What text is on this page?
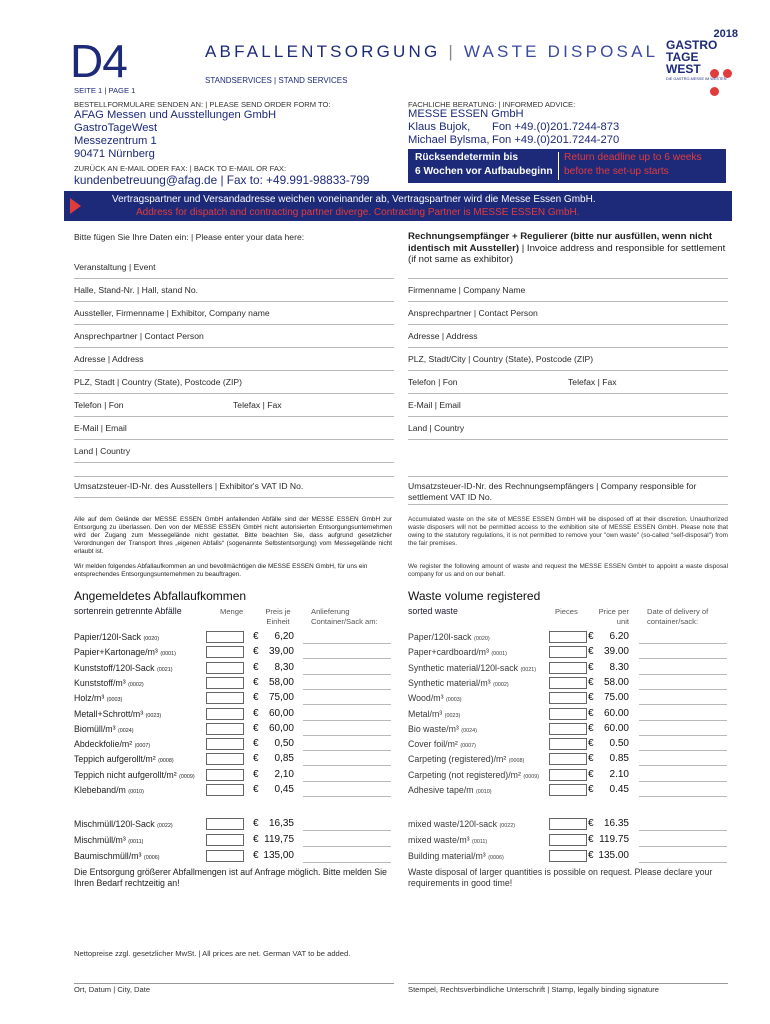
D4	ABFALLENTSORGUNG | WASTE DISPOSAL
STANDSERVICES | STAND SERVICES
SEITE 1 | PAGE 1
2018
GASTRO
TAGE
WEST

DIE GASTRO-MESSE IM WESTEN
BESTELLFORMULARE SENDEN AN: | PLEASE SEND ORDER FORM TO:
AFAG Messen und Ausstellungen GmbH
GastroTageWest
Messezentrum 1
90471 Nürnberg
ZURÜCK AN E-MAIL ODER FAX: | BACK TO E-MAIL OR FAX:
kundenbetreuung@afag.de | Fax to: +49.991-98833-799
FACHLICHE BERATUNG: | INFORMED ADVICE:
MESSE ESSEN GmbH
Klaus Bujok, Fon +49.(0)201.7244-873
Michael Bylsma, Fon +49.(0)201.7244-270
Rücksendetermin bis
6 Wochen vor Aufbaubeginn
Return deadline up to 6 weeks
before the set-up starts
Vertragspartner und Versandadresse weichen voneinander ab, Vertragspartner wird die Messe Essen GmbH.
Address for dispatch and contracting partner diverge. Contracting Partner is MESSE ESSEN GmbH.
Bitte fügen Sie Ihre Daten ein: | Please enter your data here:	Rechnungsempfänger + Regulierer (bitte nur ausfüllen, wenn nicht identisch mit Aussteller) | Invoice address and responsible for settlement (if not same as exhibitor)
Veranstaltung | Event
Halle, Stand-Nr. | Hall, stand No.
Aussteller, Firmenname | Exhibitor, Company name
Ansprechpartner | Contact Person
Adresse | Address
PLZ, Stadt | Country (State), Postcode (ZIP)
Telefon | Fon	Telefax | Fax
E-Mail | Email
Land | Country
Umsatzsteuer-ID-Nr. des Ausstellers | Exhibitor's VAT ID No.
Firmenname | Company Name
Ansprechpartner | Contact Person
Adresse | Address
PLZ, Stadt/City | Country (State), Postcode (ZIP)
Telefon | Fon	Telefax | Fax
E-Mail | Email
Land | Country
Umsatzsteuer-ID-Nr. des Rechnungsempfängers | Company responsible for
settlement VAT ID No.
Alle auf dem Gelände der MESSE ESSEN GmbH anfallenden Abfälle sind der MESSE ESSEN GmbH zur Entsorgung zu überlassen. Den von der MESSE ESSEN GmbH nicht autorisierten Entsorgungsunternehmen wird der Zugang zum Messegelände nicht gestattet. Bitte beachten Sie, dass aufgrund gesetzlicher Verordnungen der Transport Ihres „eigenen Abfalls“ (sogenannte Selbstentsorgung) vom Messegelände nicht erlaubt ist.
Wir melden folgendes Abfallaufkommen an und bevollmächtigen die MESSE ESSEN GmbH, für uns ein entsprechendes Entsorgungsunternehmen zu beauftragen.
Accumulated waste on the site of MESSE ESSEN GmbH will be disposed off at their discretion. Unauthorized waste disposers will not be permitted access to the exhibition site of MESSE ESSEN GmbH. Please note that owing to the statutory regulations, it is not permitted to remove your "own waste" (so-called "self-disposal") from the fair premises.
We register the following amount of waste and request the MESSE ESSEN GmbH to appoint a waste disposal company for us and on our behalf.
Angemeldetes Abfallaufkommen	Waste volume registered
sortenrein getrennte Abfälle	Menge	Preis je Einheit
Anlieferung Container/Sack am:
sorted waste	Pieces	Price per unit
Date of delivery of container/sack:
Papier/120l-Sack (0020)	€	6,20
Papier+Kartonage/m³ (0001)	€	39,00
Kunststoff/120l-Sack (0021)	€	8,30
Kunststoff/m³ (0002)	€	58,00
Holz/m³ (0003)	€	75,00
Metall+Schrott/m³ (0023)	€	60,00
Biomüll/m³ (0024)	€	60,00
Abdeckfolie/m² (0007)	€	0,50
Teppich aufgerollt/m² (0008)	€	0,85
Teppich nicht aufgerollt/m² (0009)	€	2,10
Klebeband/m (0010)	€	0,45
Paper/120l-sack (0020)	€	6.20
Paper+cardboard/m³ (0001)	€	39.00
Synthetic material/120l-sack (0021)	€	8.30
Synthetic material/m³ (0002)	€	58.00
Wood/m³ (0003)	€	75.00
Metal/m³ (0023)	€	60.00
Bio waste/m³ (0024)	€	60.00
Cover foil/m² (0007)	€	0.50
Carpeting (registered)/m² (0008)	€	0.85
Carpeting (not registered)/m² (0009)	€	2.10
Adhesive tape/m (0010)	€	0.45
Mischmüll/120l-Sack (0022)	€	16,35
Mischmüll/m³ (0011)	€ 119,75
Baumischmüll/m³ (0006)	€ 135,00
mixed waste/120l-sack (0022)	€	16.35
mixed waste/m³ (0011)	€ 119.75
Building material/m³ (0006)	€ 135.00
Die Entsorgung größerer Abfallmengen ist auf Anfrage möglich. Bitte melden Sie Ihren Bedarf rechtzeitig an!
Waste disposal of larger quantities is possible on request. Please declare your requirements in good time!
Nettopreise zzgl. gesetzlicher MwSt. | All prices are net. German VAT to be added.
Ort, Datum | City, Date	Stempel, Rechtsverbindliche Unterschrift | Stamp, legally binding signature
